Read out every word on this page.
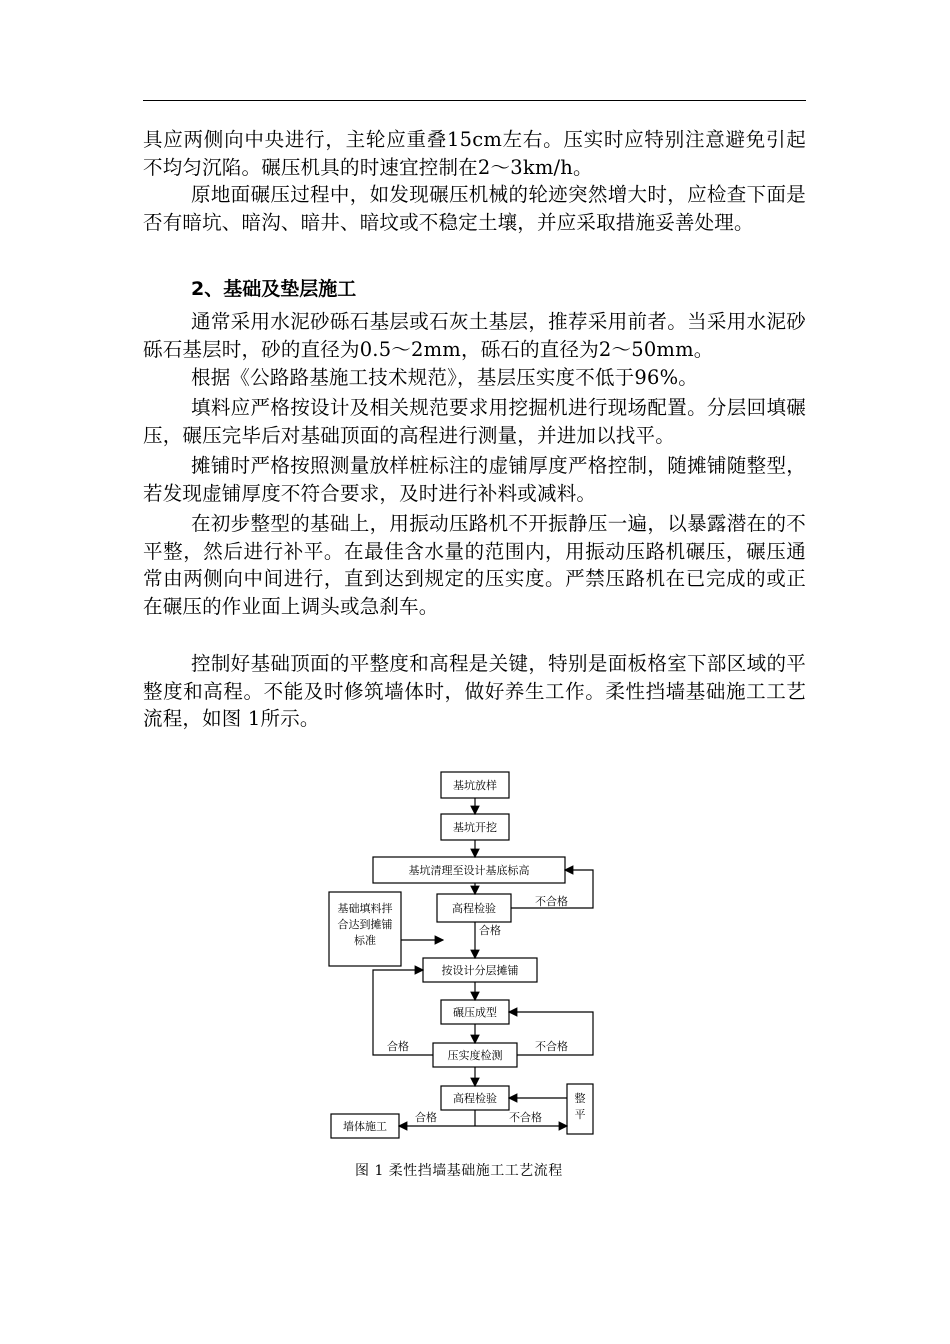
具应两侧向中央进行，主轮应重叠15cm左右。压实时应特别注意避免引起不均匀沉陷。碾压机具的时速宜控制在2～3km/h。

原地面碾压过程中，如发现碾压机械的轮迹突然增大时，应检查下面是否有暗坑、暗沟、暗井、暗坟或不稳定土壤，并应采取措施妥善处理。

2、基础及垫层施工

通常采用水泥砂砾石基层或石灰土基层，推荐采用前者。当采用水泥砂砾石基层时，砂的直径为0.5～2mm，砾石的直径为2～50mm。

根据《公路路基施工技术规范》，基层压实度不低于96%。

填料应严格按设计及相关规范要求用挖掘机进行现场配置。分层回填碾压，碾压完毕后对基础顶面的高程进行测量，并进加以找平。

摊铺时严格按照测量放样桩标注的虚铺厚度严格控制，随摊铺随整型，若发现虚铺厚度不符合要求，及时进行补料或减料。

在初步整型的基础上，用振动压路机不开振静压一遍，以暴露潜在的不平整，然后进行补平。在最佳含水量的范围内，用振动压路机碾压，碾压通常由两侧向中间进行，直到达到规定的压实度。严禁压路机在已完成的或正在碾压的作业面上调头或急刹车。

控制好基础顶面的平整度和高程是关键，特别是面板格室下部区域的平整度和高程。不能及时修筑墙体时，做好养生工作。柔性挡墙基础施工工艺流程，如图 1所示。

基坑放样
基坑开挖
基坑清理至设计基底标高
高程检验
基础填料拌
合达到摊铺
标准
按设计分层摊铺
碾压成型
压实度检测
高程检验	整
平
墙体施工
合格
不合格
合格	不合格
合格	不合格

图 1 柔性挡墙基础施工工艺流程
